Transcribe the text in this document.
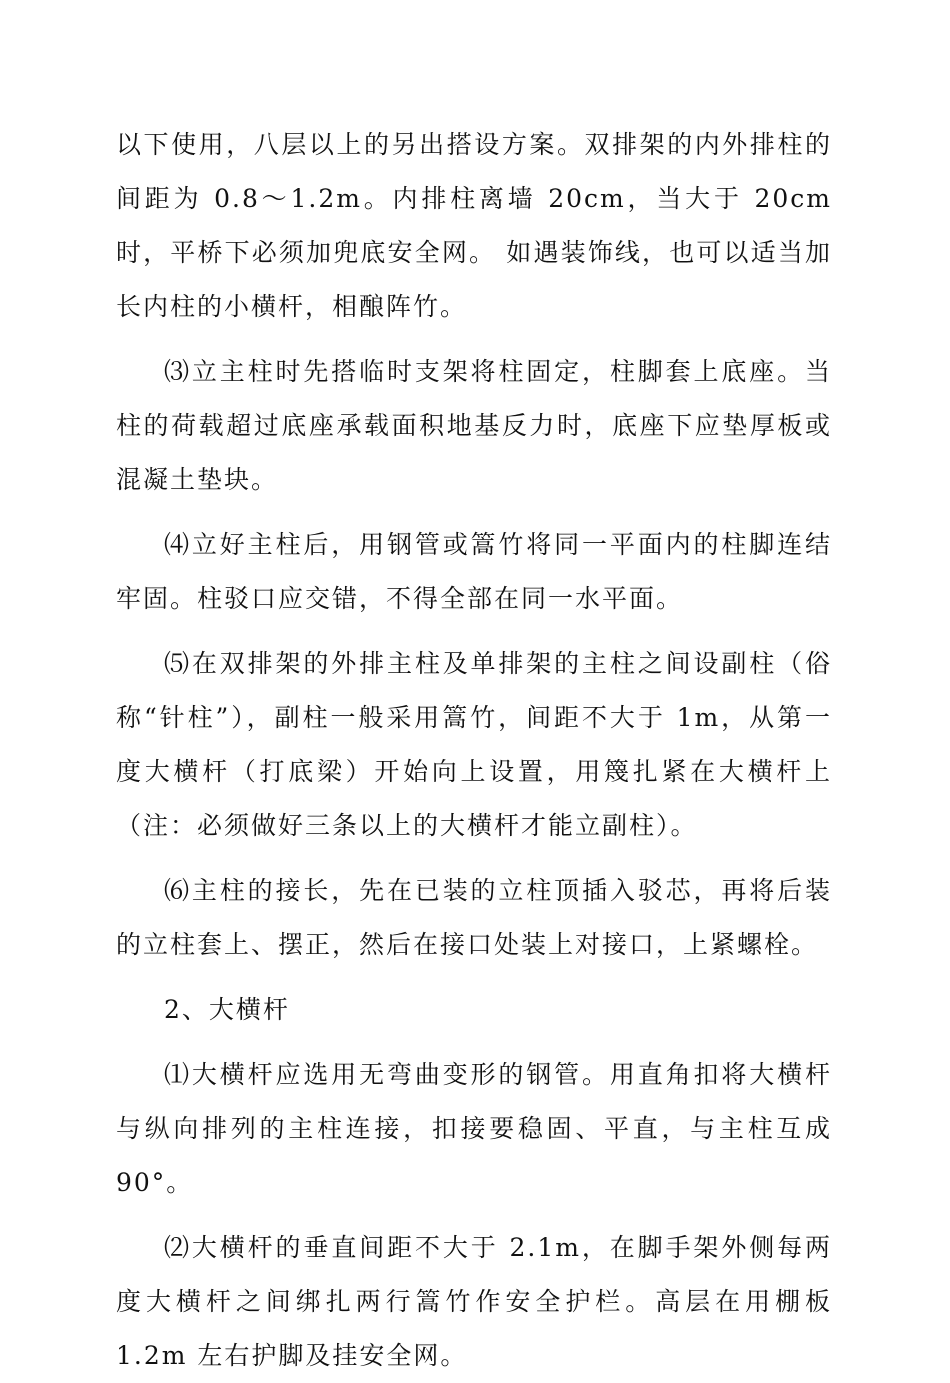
以下使用，八层以上的另出搭设方案。双排架的内外排柱的间距为 0.8～1.2m。内排柱离墙 20cm，当大于 20cm 时，平桥下必须加兜底安全网。 如遇装饰线，也可以适当加长内柱的小横杆，相酿阵竹。

⑶立主柱时先搭临时支架将柱固定，柱脚套上底座。当柱的荷载超过底座承载面积地基反力时，底座下应垫厚板或混凝土垫块。

⑷立好主柱后，用钢管或篙竹将同一平面内的柱脚连结牢固。柱驳口应交错，不得全部在同一水平面。

⑸在双排架的外排主柱及单排架的主柱之间设副柱（俗称“针柱”），副柱一般采用篙竹，间距不大于 1m，从第一度大横杆（打底梁）开始向上设置，用篾扎紧在大横杆上（注：必须做好三条以上的大横杆才能立副柱）。

⑹主柱的接长，先在已装的立柱顶插入驳芯，再将后装的立柱套上、摆正，然后在接口处装上对接口，上紧螺栓。

2、大横杆

⑴大横杆应选用无弯曲变形的钢管。用直角扣将大横杆与纵向排列的主柱连接，扣接要稳固、平直，与主柱互成 90°。

⑵大横杆的垂直间距不大于 2.1m，在脚手架外侧每两度大横杆之间绑扎两行篙竹作安全护栏。高层在用棚板 1.2m 左右护脚及挂安全网。
